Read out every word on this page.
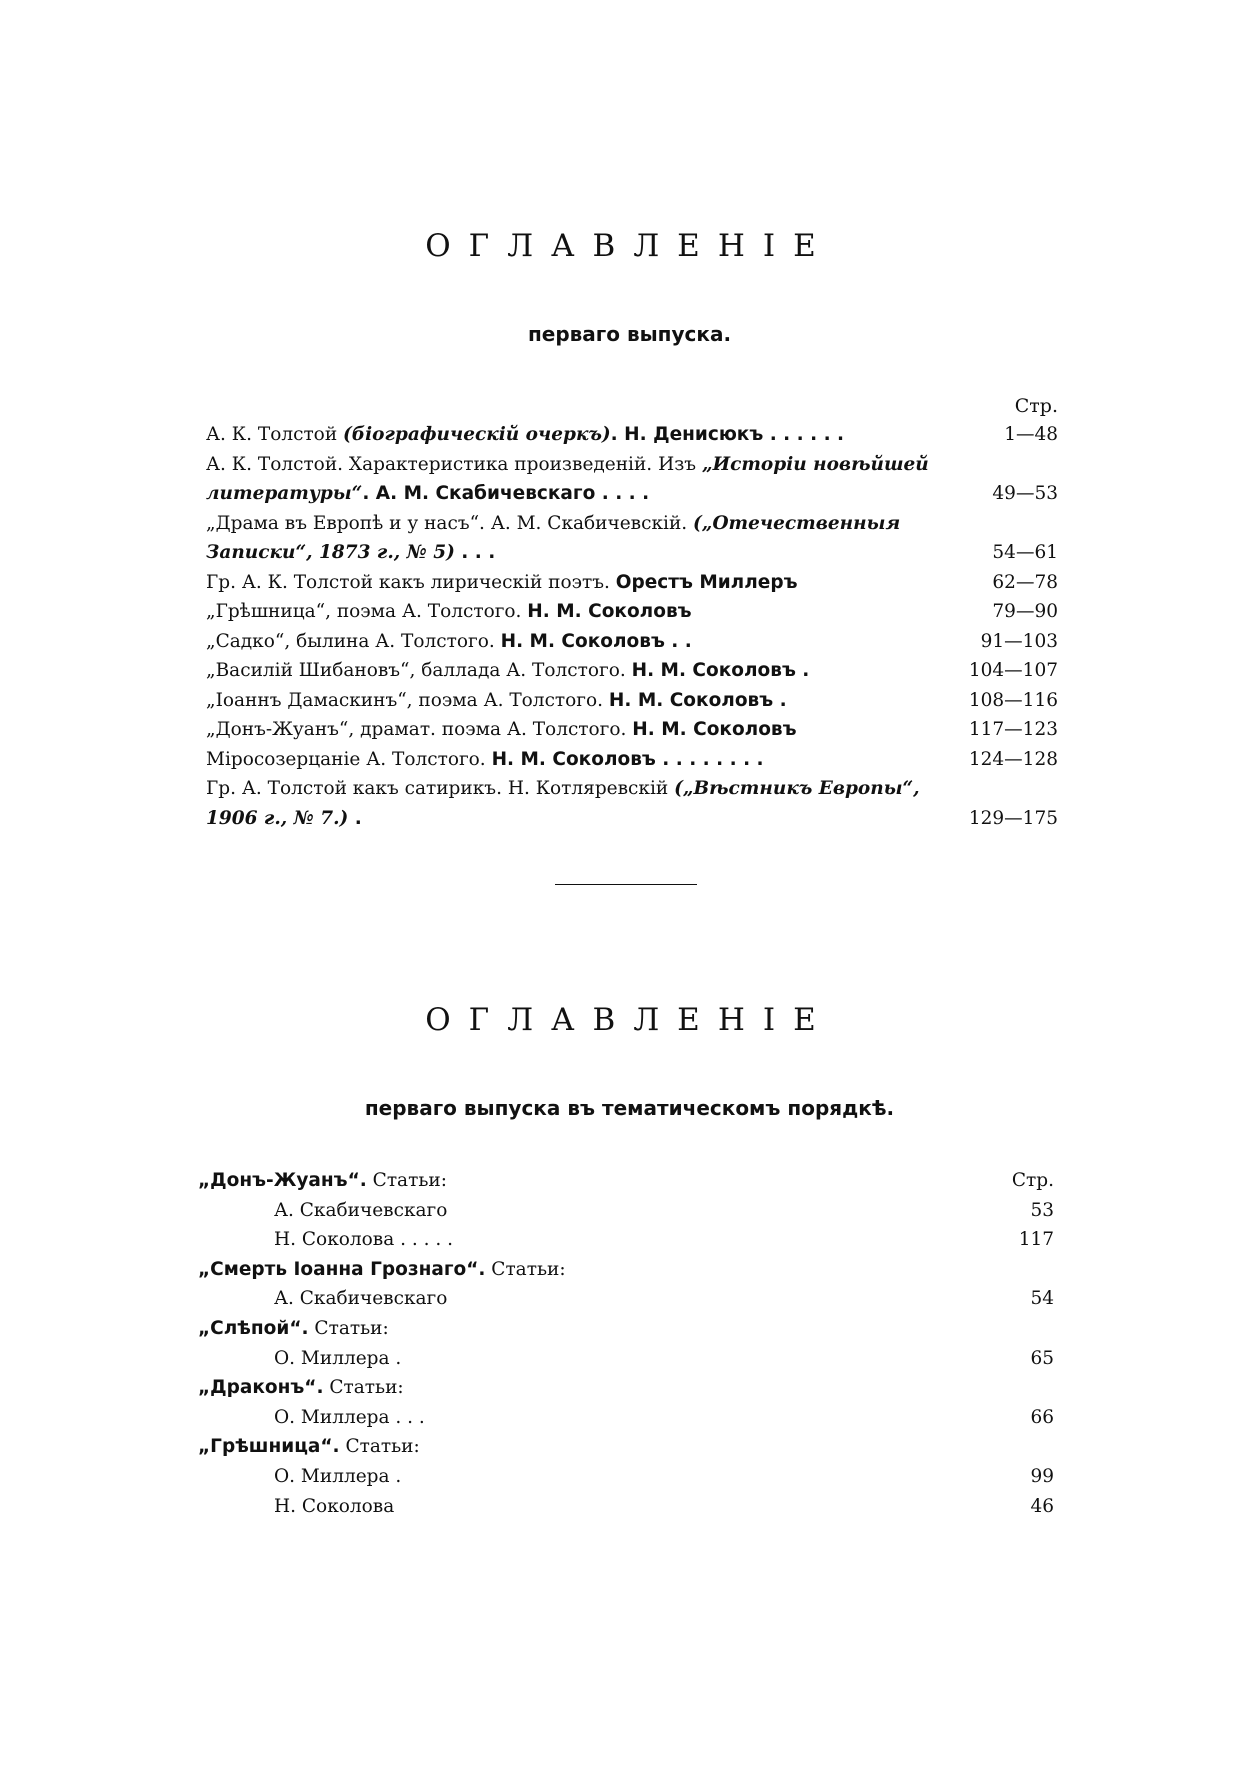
ОГЛАВЛЕНІЕ
перваго выпуска.
Стр.
А. К. Толстой (біографическій очеркъ). Н. Денисюкъ . . . . . .	1—48
А. К. Толстой. Характеристика произведеній. Изъ „Исторіи новѣйшей литературы“. А. М. Скабичевскаго . . . .	49—53
„Драма въ Европѣ и у насъ“. А. М. Скабичевскій. („Отечественныя Записки“, 1873 г., № 5) . . .	54—61
Гр. А. К. Толстой какъ лирическій поэтъ. Орестъ Миллеръ	62—78
„Грѣшница“, поэма А. Толстого. Н. М. Соколовъ	79—90
„Садко“, былина А. Толстого. Н. М. Соколовъ . .	91—103
„Василій Шибановъ“, баллада А. Толстого. Н. М. Соколовъ .	104—107
„Іоаннъ Дамаскинъ“, поэма А. Толстого. Н. М. Соколовъ .	108—116
„Донъ-Жуанъ“, драмат. поэма А. Толстого. Н. М. Соколовъ	117—123
Міросозерцаніе А. Толстого. Н. М. Соколовъ . . . . . . . .	124—128
Гр. А. Толстой какъ сатирикъ. Н. Котляревскій („Вѣстникъ Европы“, 1906 г., № 7.) .	129—175
ОГЛАВЛЕНІЕ
перваго выпуска въ тематическомъ порядкѣ.
„Донъ-Жуанъ“. Статьи:	Стр.
А. Скабичевскаго	53
Н. Соколова . . . . .	117
„Смерть Іоанна Грознаго“. Статьи:
А. Скабичевскаго	54
„Слѣпой“. Статьи:
О. Миллера .	65
„Драконъ“. Статьи:
О. Миллера . . .	66
„Грѣшница“. Статьи:
О. Миллера .	99
Н. Соколова	46
